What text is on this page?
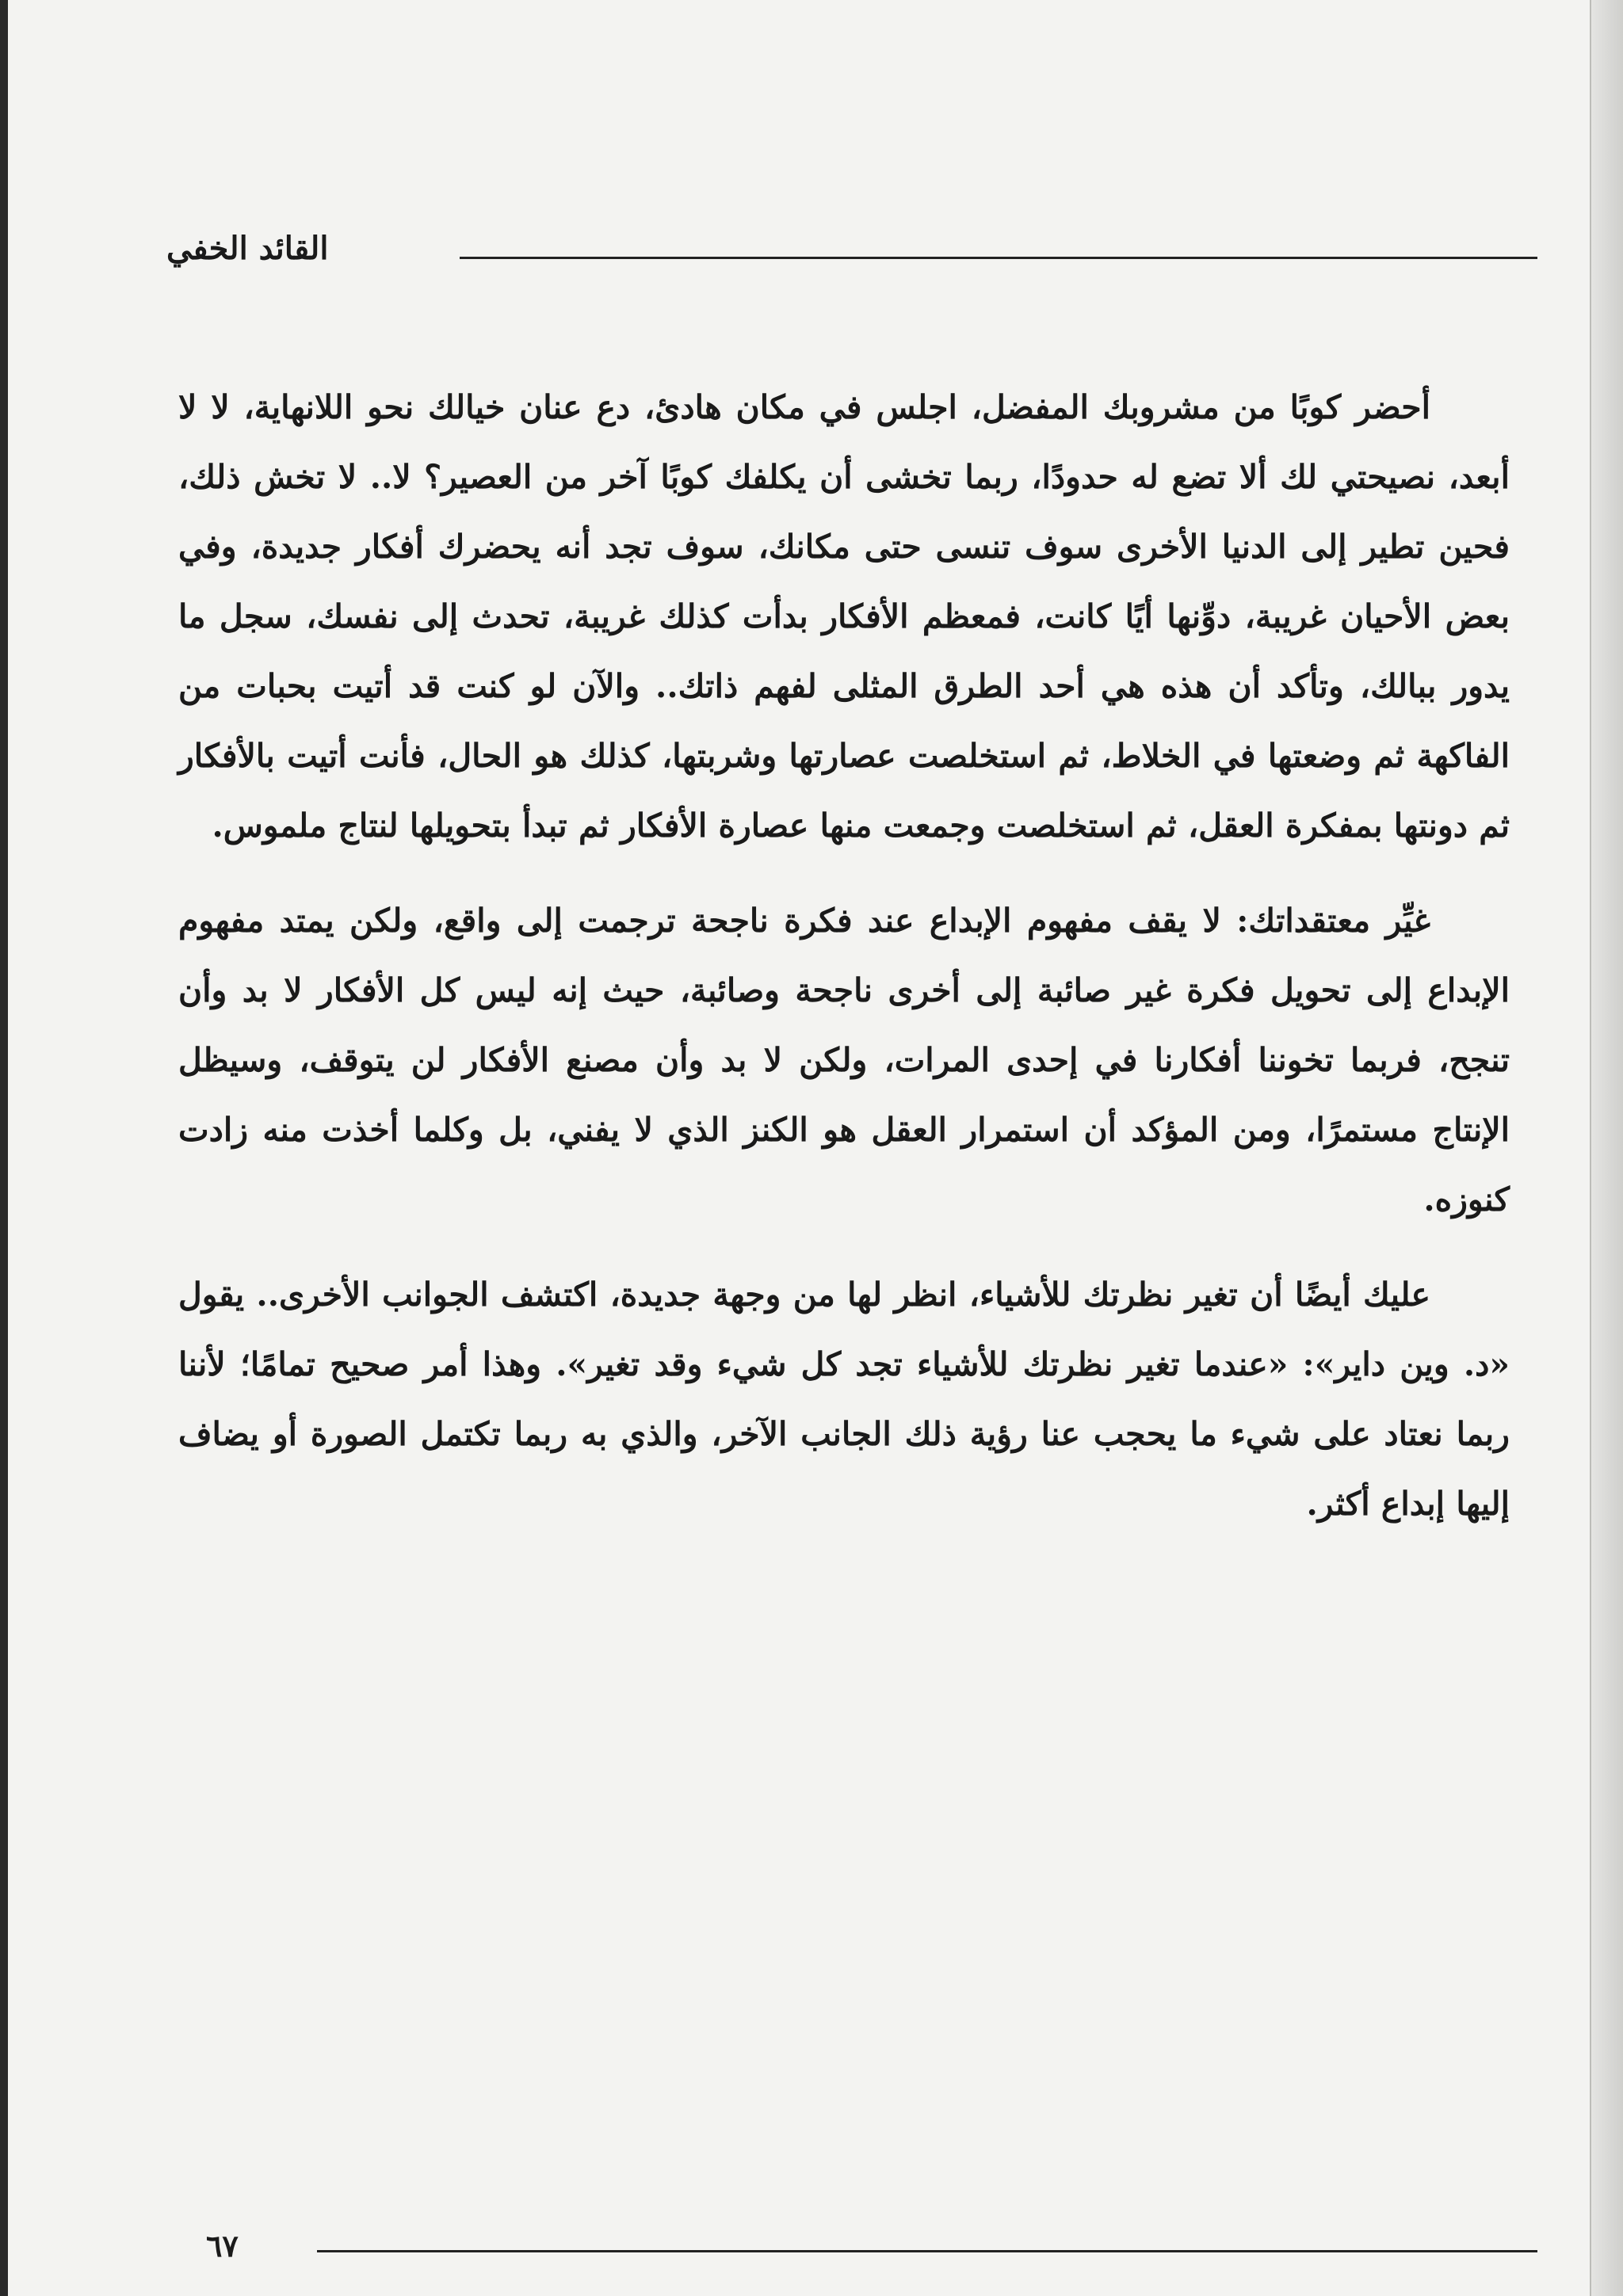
القائد الخفي

أحضر كوبًا من مشروبك المفضل، اجلس في مكان هادئ، دع عنان خيالك نحو اللانهاية، لا لا أبعد، نصيحتي لك ألا تضع له حدودًا، ربما تخشى أن يكلفك كوبًا آخر من العصير؟ لا.. لا تخش ذلك، فحين تطير إلى الدنيا الأخرى سوف تنسى حتى مكانك، سوف تجد أنه يحضرك أفكار جديدة، وفي بعض الأحيان غريبة، دوِّنها أيًا كانت، فمعظم الأفكار بدأت كذلك غريبة، تحدث إلى نفسك، سجل ما يدور ببالك، وتأكد أن هذه هي أحد الطرق المثلى لفهم ذاتك.. والآن لو كنت قد أتيت بحبات من الفاكهة ثم وضعتها في الخلاط، ثم استخلصت عصارتها وشربتها، كذلك هو الحال، فأنت أتيت بالأفكار ثم دونتها بمفكرة العقل، ثم استخلصت وجمعت منها عصارة الأفكار ثم تبدأ بتحويلها لنتاج ملموس.

غيِّر معتقداتك: لا يقف مفهوم الإبداع عند فكرة ناجحة ترجمت إلى واقع، ولكن يمتد مفهوم الإبداع إلى تحويل فكرة غير صائبة إلى أخرى ناجحة وصائبة، حيث إنه ليس كل الأفكار لا بد وأن تنجح، فربما تخوننا أفكارنا في إحدى المرات، ولكن لا بد وأن مصنع الأفكار لن يتوقف، وسيظل الإنتاج مستمرًا، ومن المؤكد أن استمرار العقل هو الكنز الذي لا يفني، بل وكلما أخذت منه زادت كنوزه.

عليك أيضًا أن تغير نظرتك للأشياء، انظر لها من وجهة جديدة، اكتشف الجوانب الأخرى.. يقول «د. وين داير»: «عندما تغير نظرتك للأشياء تجد كل شيء وقد تغير». وهذا أمر صحيح تمامًا؛ لأننا ربما نعتاد على شيء ما يحجب عنا رؤية ذلك الجانب الآخر، والذي به ربما تكتمل الصورة أو يضاف إليها إبداع أكثر.

٦٧
